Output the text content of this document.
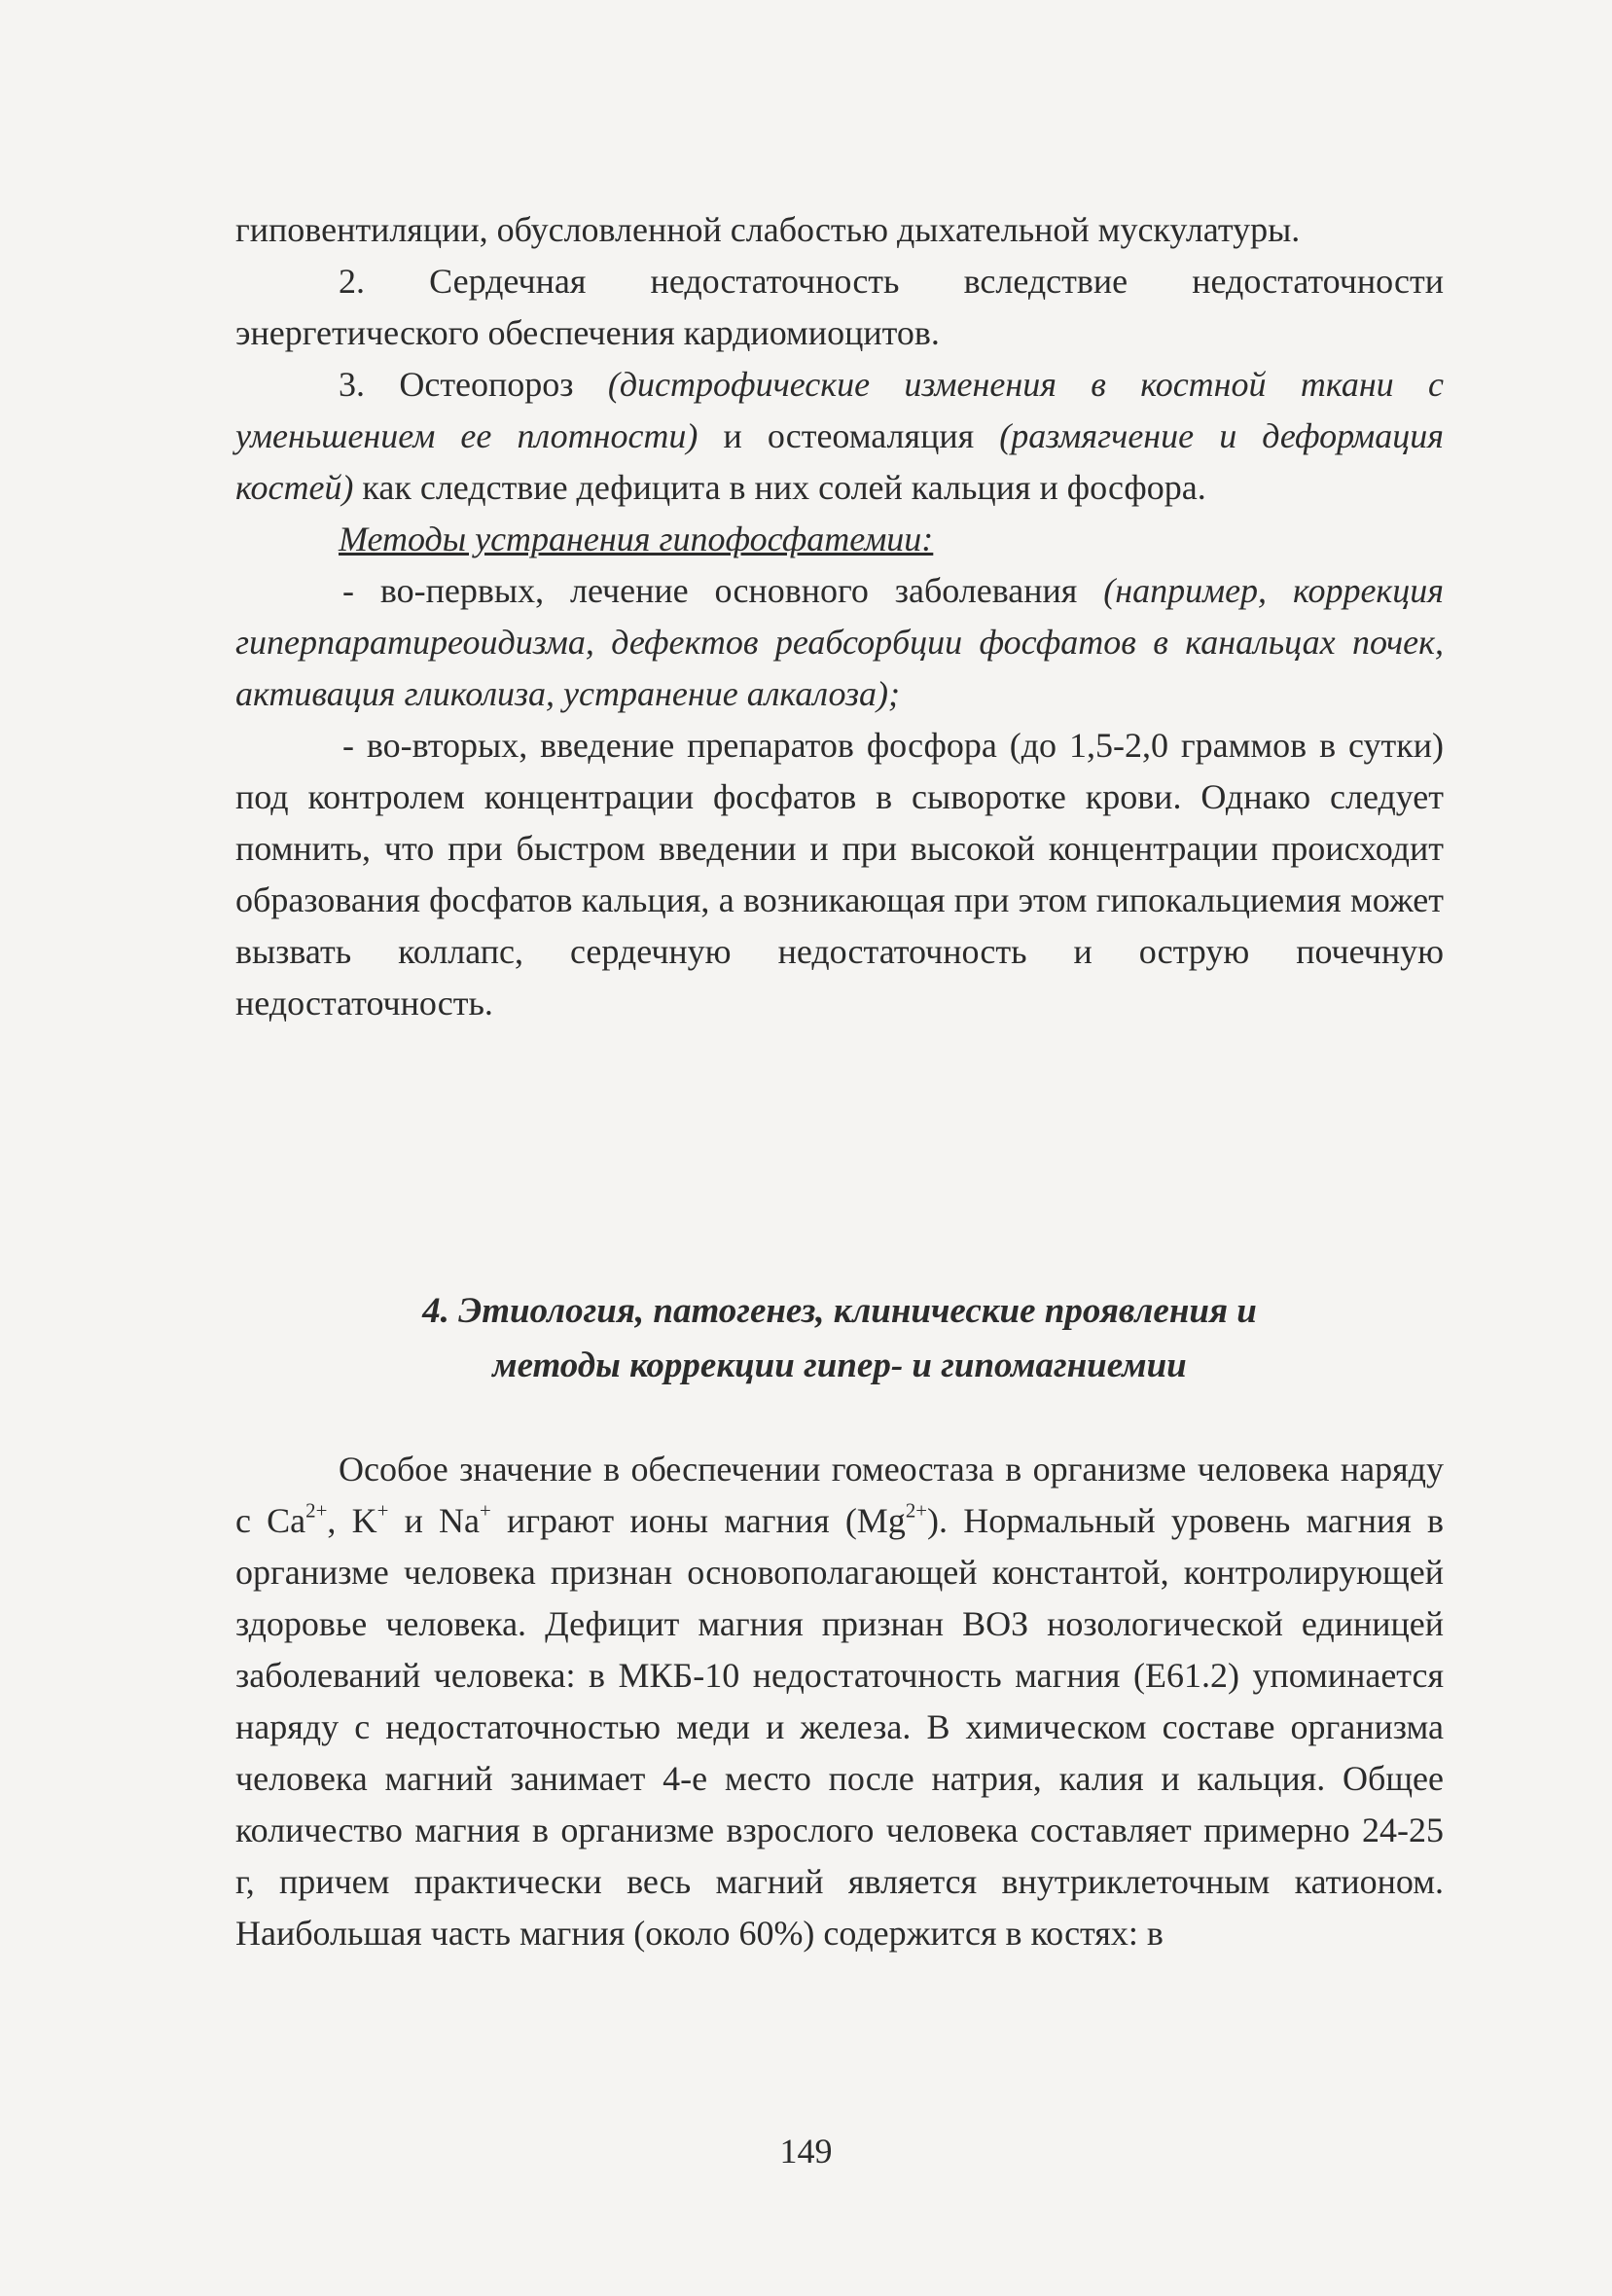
гиповентиляции, обусловленной слабостью дыхательной мускулатуры.

2. Сердечная недостаточность вследствие недостаточности энергетического обеспечения кардиомиоцитов.

3. Остеопороз (дистрофические изменения в костной ткани с уменьшением ее плотности) и остеомаляция (размягчение и деформация костей) как следствие дефицита в них солей кальция и фосфора.

Методы устранения гипофосфатемии:

- во-первых, лечение основного заболевания (например, коррекция гиперпаратиреоидизма, дефектов реабсорбции фосфатов в канальцах почек, активация гликолиза, устранение алкалоза);

- во-вторых, введение препаратов фосфора (до 1,5-2,0 граммов в сутки) под контролем концентрации фосфатов в сыворотке крови. Однако следует помнить, что при быстром введении и при высокой концентрации происходит образования фосфатов кальция, а возникающая при этом гипокальциемия может вызвать коллапс, сердечную недостаточность и острую почечную недостаточность.

4. Этиология, патогенез, клинические проявления и
методы коррекции гипер- и гипомагниемии

Особое значение в обеспечении гомеостаза в организме человека наряду с $Ca^{2+}$, K+ и Na+ играют ионы магния $(Mg^{2+})$. Нормальный уровень магния в организме человека признан основополагающей константой, контролирующей здоровье человека. Дефицит магния признан ВОЗ нозологической единицей заболеваний человека: в МКБ-10 недостаточность магния (E61.2) упоминается наряду с недостаточностью меди и железа. В химическом составе организма человека магний занимает 4-е место после натрия, калия и кальция. Общее количество магния в организме взрослого человека составляет примерно 24-25 г, причем практически весь магний является внутриклеточным катионом. Наибольшая часть магния (около 60%) содержится в костях: в

149
